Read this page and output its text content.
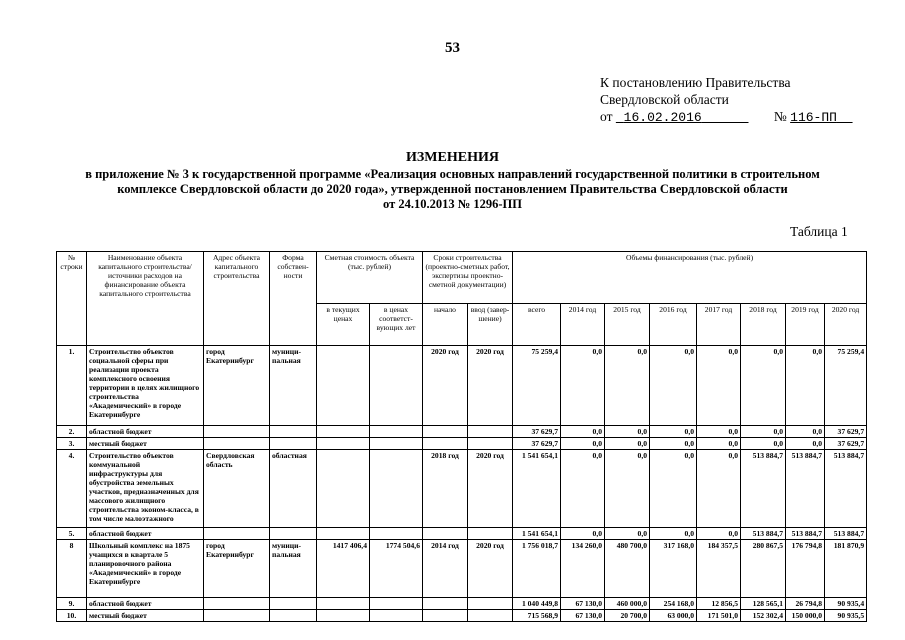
53
К постановлению Правительства
Свердловской области
от 16.02.2016	№ 116-ПП
ИЗМЕНЕНИЯ
в приложение № 3 к государственной программе «Реализация основных направлений государственной политики в строительном
комплексе Свердловской области до 2020 года», утвержденной постановлением Правительства Свердловской области
от 24.10.2013 № 1296-ПП
Таблица 1
№ строки	Наименование объекта капитального строительства/ источники расходов на финансирование объекта капитального строительства	Адрес объекта капитального строительства	Форма собствен-ности	Сметная стоимость объекта (тыс. рублей)		Сроки строительства (проектно-сметных работ, экспертизы проектно-сметной документации)		Объемы финансирования (тыс. рублей)							
				в текущих ценах	в ценах соответст-вующих лет	начало	ввод (завер-шение)	всего	2014 год	2015 год	2016 год	2017 год	2018 год	2019 год	2020 год
1.	Строительство объектов социальной сферы при реализации проекта комплексного освоения территории в целях жилищного строительства «Академический» в городе Екатеринбурге	город Екатеринбург	муници-пальная			2020 год	2020 год	75 259,4	0,0	0,0	0,0	0,0	0,0	0,0	75 259,4
2.	областной бюджет							37 629,7	0,0	0,0	0,0	0,0	0,0	0,0	37 629,7
3.	местный бюджет							37 629,7	0,0	0,0	0,0	0,0	0,0	0,0	37 629,7
4.	Строительство объектов коммунальной инфраструктуры для обустройства земельных участков, предназначенных для массового жилищного строительства эконом-класса, в том числе малоэтажного	Свердловская область	областная			2018 год	2020 год	1 541 654,1	0,0	0,0	0,0	0,0	513 884,7	513 884,7	513 884,7
5.	областной бюджет							1 541 654,1	0,0	0,0	0,0	0,0	513 884,7	513 884,7	513 884,7
8	Школьный комплекс на 1875 учащихся в квартале 5 планировочного района «Академический» в городе Екатеринбурге	город Екатеринбург	муници-пальная	1417 406,4	1774 504,6	2014 год	2020 год	1 756 018,7	134 260,0	480 700,0	317 168,0	184 357,5	280 867,5	176 794,8	181 870,9
9.	областной бюджет							1 040 449,8	67 130,0	460 000,0	254 168,0	12 856,5	128 565,1	26 794,8	90 935,4
10.	местный бюджет							715 568,9	67 130,0	20 700,0	63 000,0	171 501,0	152 302,4	150 000,0	90 935,5
